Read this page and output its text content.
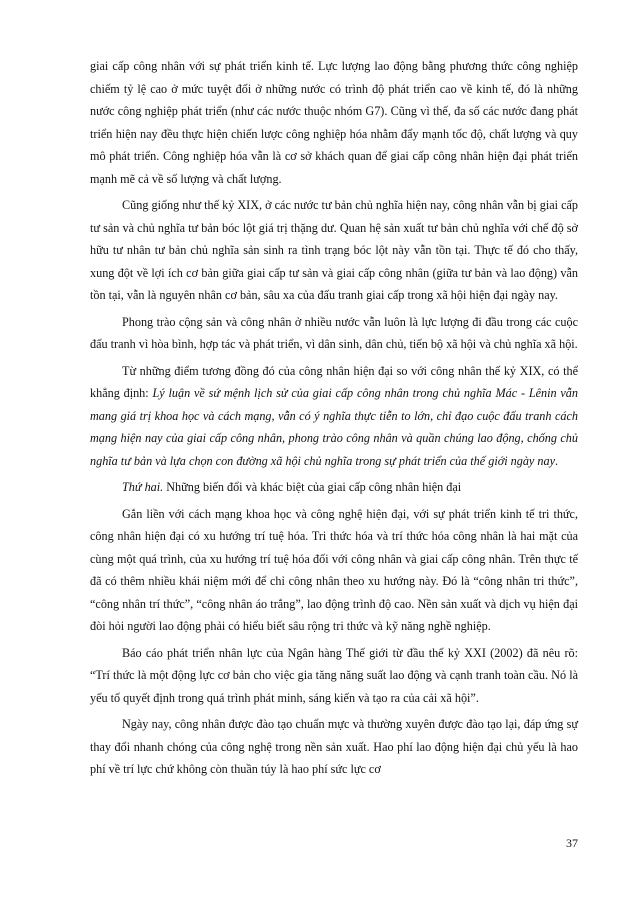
giai cấp công nhân với sự phát triển kinh tế. Lực lượng lao động bằng phương thức công nghiệp chiếm tỷ lệ cao ở mức tuyệt đối ở những nước có trình độ phát triển cao về kinh tế, đó là những nước công nghiệp phát triển (như các nước thuộc nhóm G7). Cũng vì thế, đa số các nước đang phát triển hiện nay đều thực hiện chiến lược công nghiệp hóa nhằm đẩy mạnh tốc độ, chất lượng và quy mô phát triển. Công nghiệp hóa vẫn là cơ sở khách quan để giai cấp công nhân hiện đại phát triển mạnh mẽ cả về số lượng và chất lượng.

Cũng giống như thế kỷ XIX, ở các nước tư bản chủ nghĩa hiện nay, công nhân vẫn bị giai cấp tư sản và chủ nghĩa tư bản bóc lột giá trị thặng dư. Quan hệ sản xuất tư bản chủ nghĩa với chế độ sở hữu tư nhân tư bản chủ nghĩa sản sinh ra tình trạng bóc lột này vẫn tồn tại. Thực tế đó cho thấy, xung đột về lợi ích cơ bản giữa giai cấp tư sản và giai cấp công nhân (giữa tư bản và lao động) vẫn tồn tại, vẫn là nguyên nhân cơ bản, sâu xa của đấu tranh giai cấp trong xã hội hiện đại ngày nay.

Phong trào cộng sản và công nhân ở nhiều nước vẫn luôn là lực lượng đi đầu trong các cuộc đấu tranh vì hòa bình, hợp tác và phát triển, vì dân sinh, dân chủ, tiến bộ xã hội và chủ nghĩa xã hội.

Từ những điểm tương đồng đó của công nhân hiện đại so với công nhân thế kỷ XIX, có thể khẳng định: Lý luận về sứ mệnh lịch sử của giai cấp công nhân trong chủ nghĩa Mác - Lênin vẫn mang giá trị khoa học và cách mạng, vẫn có ý nghĩa thực tiễn to lớn, chỉ đạo cuộc đấu tranh cách mạng hiện nay của giai cấp công nhân, phong trào công nhân và quần chúng lao động, chống chủ nghĩa tư bản và lựa chọn con đường xã hội chủ nghĩa trong sự phát triển của thế giới ngày nay.

Thứ hai. Những biến đổi và khác biệt của giai cấp công nhân hiện đại

Gắn liền với cách mạng khoa học và công nghệ hiện đại, với sự phát triển kinh tế tri thức, công nhân hiện đại có xu hướng trí tuệ hóa. Tri thức hóa và trí thức hóa công nhân là hai mặt của cùng một quá trình, của xu hướng trí tuệ hóa đối với công nhân và giai cấp công nhân. Trên thực tế đã có thêm nhiều khái niệm mới để chỉ công nhân theo xu hướng này. Đó là “công nhân tri thức”, “công nhân trí thức”, “công nhân áo trắng”, lao động trình độ cao. Nền sản xuất và dịch vụ hiện đại đòi hỏi người lao động phải có hiểu biết sâu rộng tri thức và kỹ năng nghề nghiệp.

Báo cáo phát triển nhân lực của Ngân hàng Thế giới từ đầu thế kỷ XXI (2002) đã nêu rõ: “Trí thức là một động lực cơ bản cho việc gia tăng năng suất lao động và cạnh tranh toàn cầu. Nó là yếu tố quyết định trong quá trình phát minh, sáng kiến và tạo ra của cải xã hội”.

Ngày nay, công nhân được đào tạo chuẩn mực và thường xuyên được đào tạo lại, đáp ứng sự thay đổi nhanh chóng của công nghệ trong nền sản xuất. Hao phí lao động hiện đại chủ yếu là hao phí về trí lực chứ không còn thuần túy là hao phí sức lực cơ

37
